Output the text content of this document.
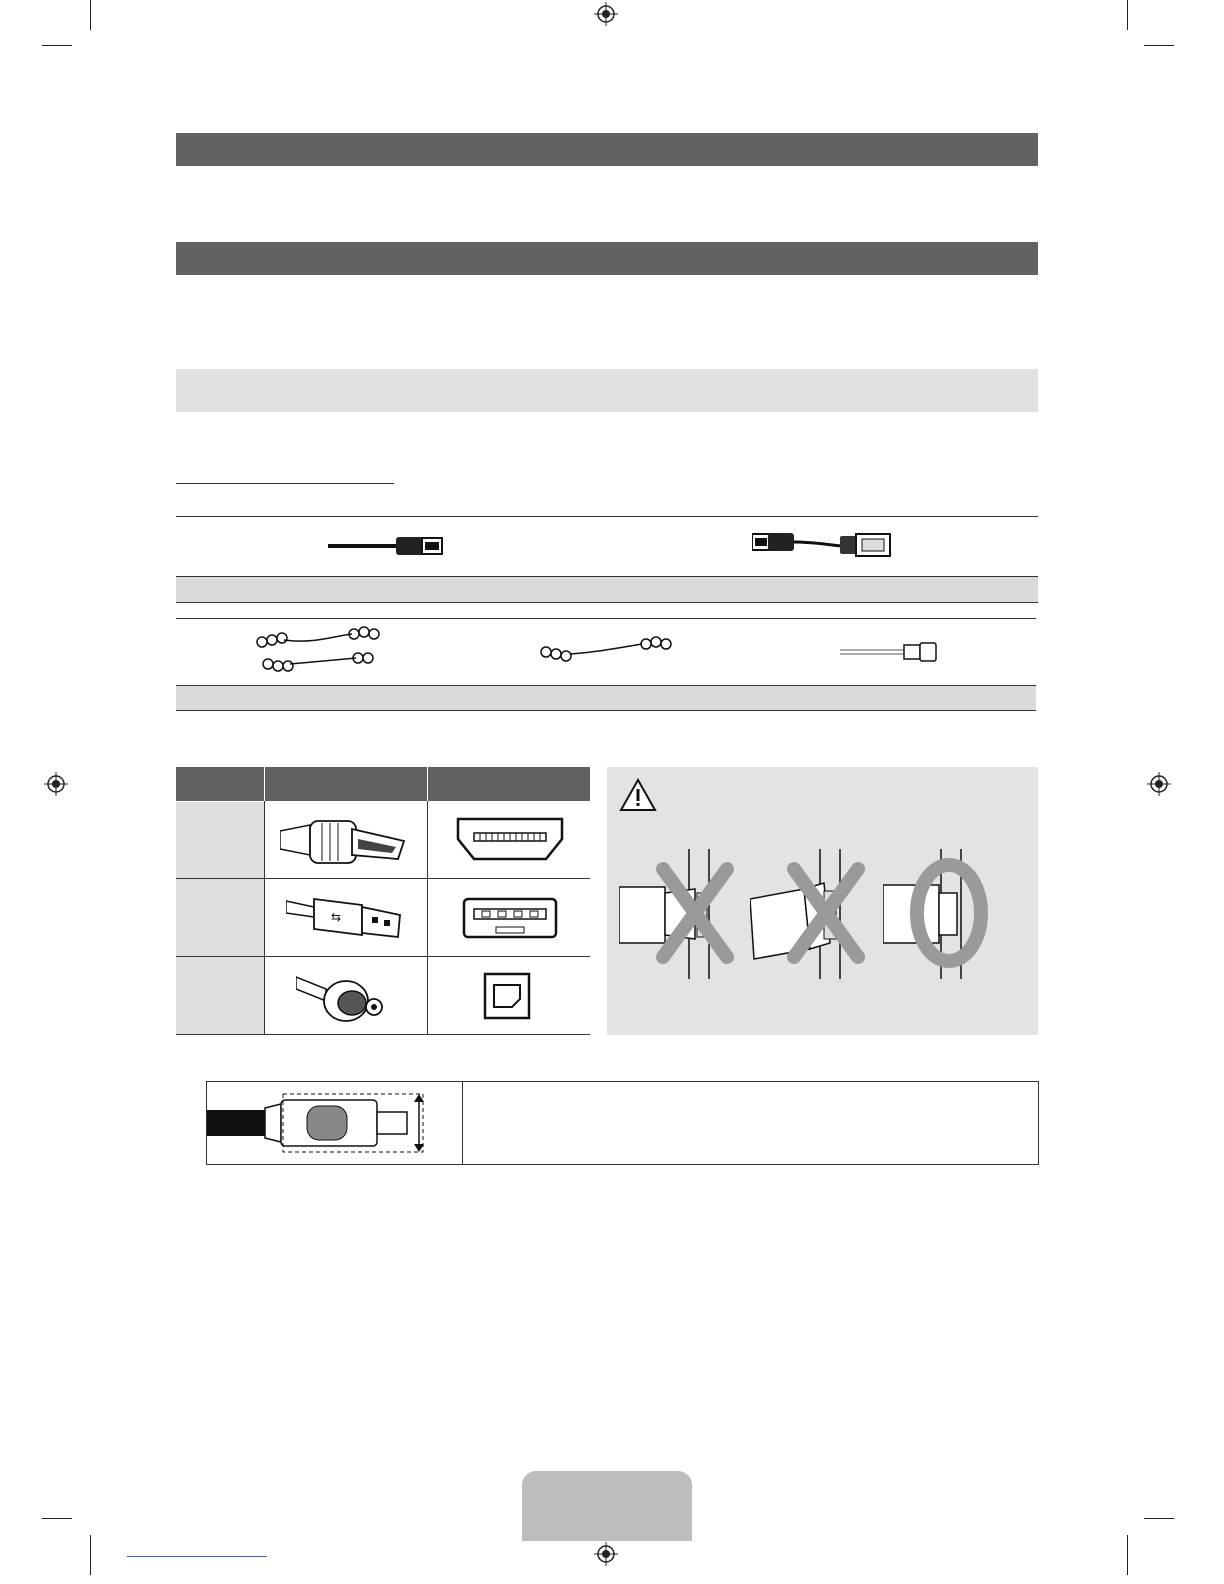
⇆
